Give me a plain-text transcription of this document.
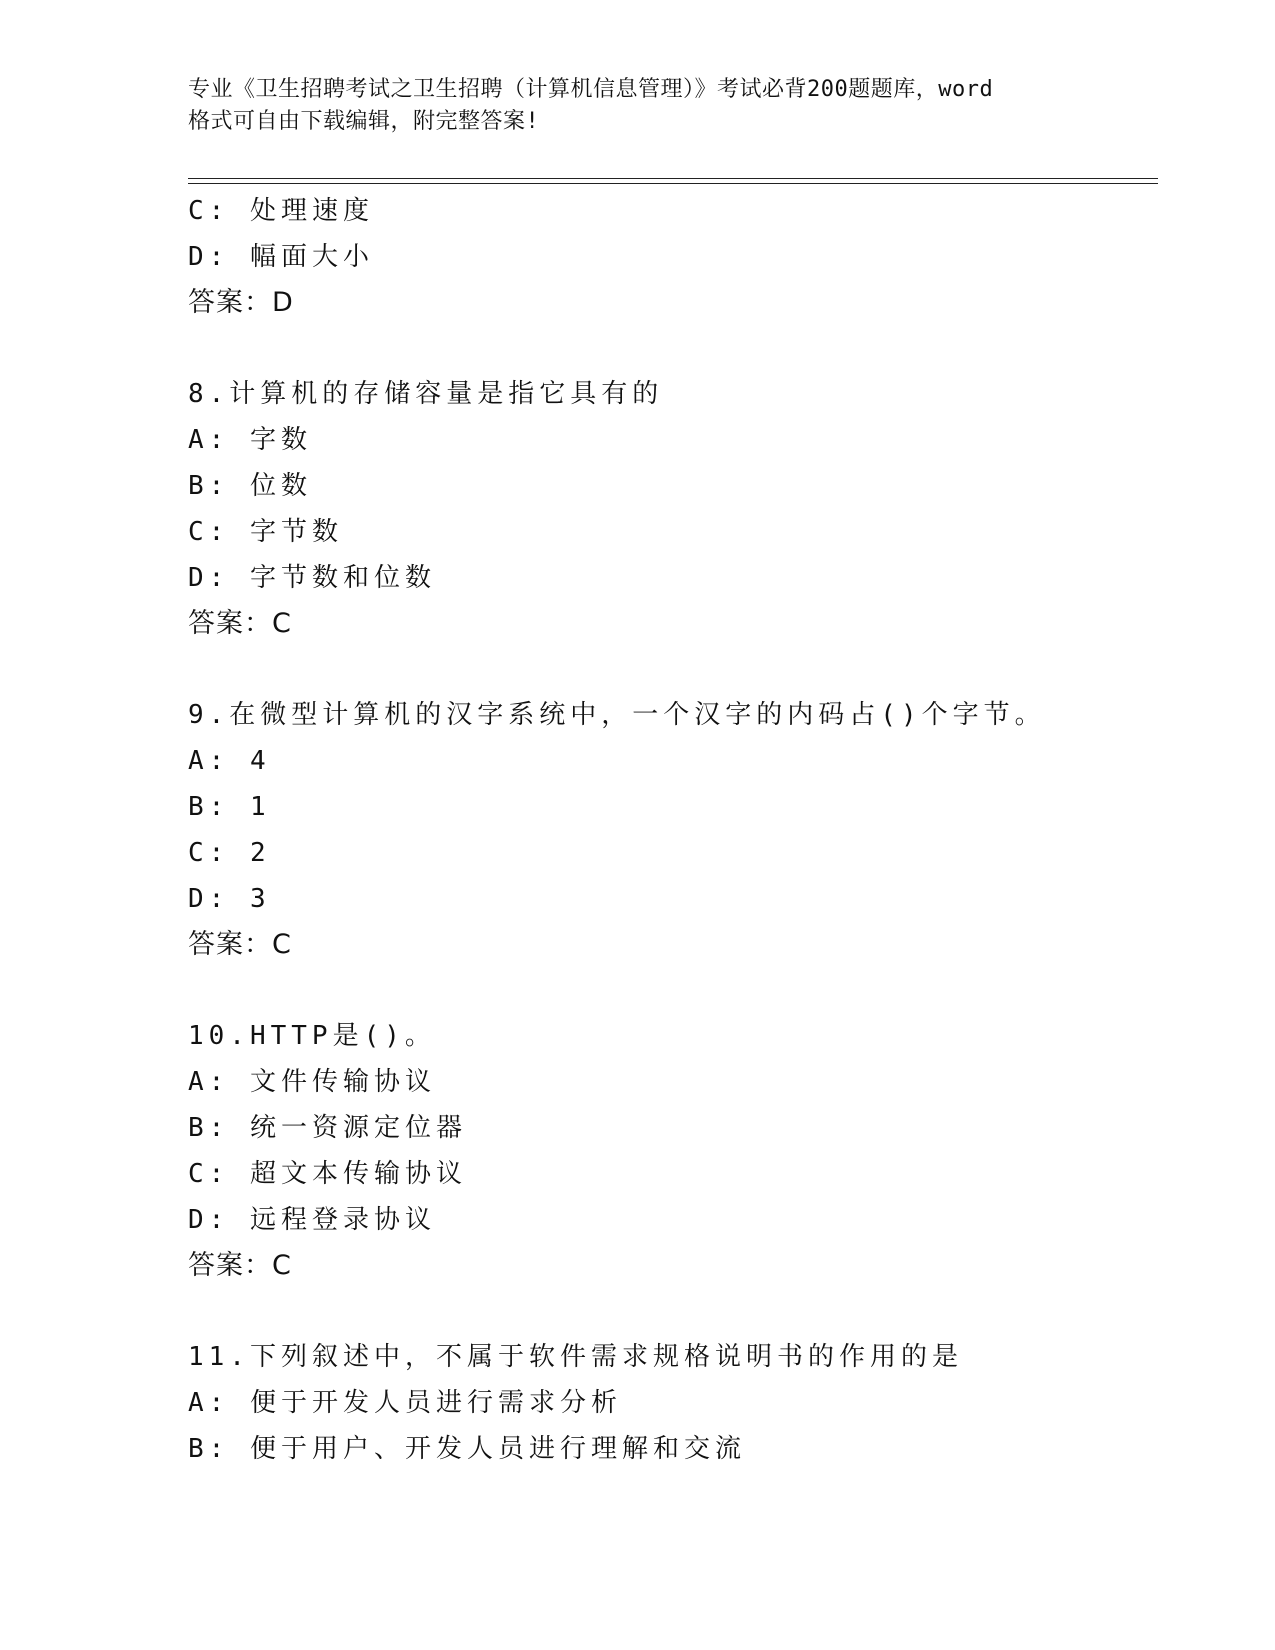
专业《卫生招聘考试之卫生招聘（计算机信息管理）》考试必背200题题库，word
格式可自由下载编辑，附完整答案!
C: 处理速度
D: 幅面大小
答案：D
8.计算机的存储容量是指它具有的
A: 字数
B: 位数
C: 字节数
D: 字节数和位数
答案：C
9.在微型计算机的汉字系统中，一个汉字的内码占()个字节。
A: 4
B: 1
C: 2
D: 3
答案：C
10.HTTP是()。
A: 文件传输协议
B: 统一资源定位器
C: 超文本传输协议
D: 远程登录协议
答案：C
11.下列叙述中，不属于软件需求规格说明书的作用的是
A: 便于开发人员进行需求分析
B: 便于用户、开发人员进行理解和交流
